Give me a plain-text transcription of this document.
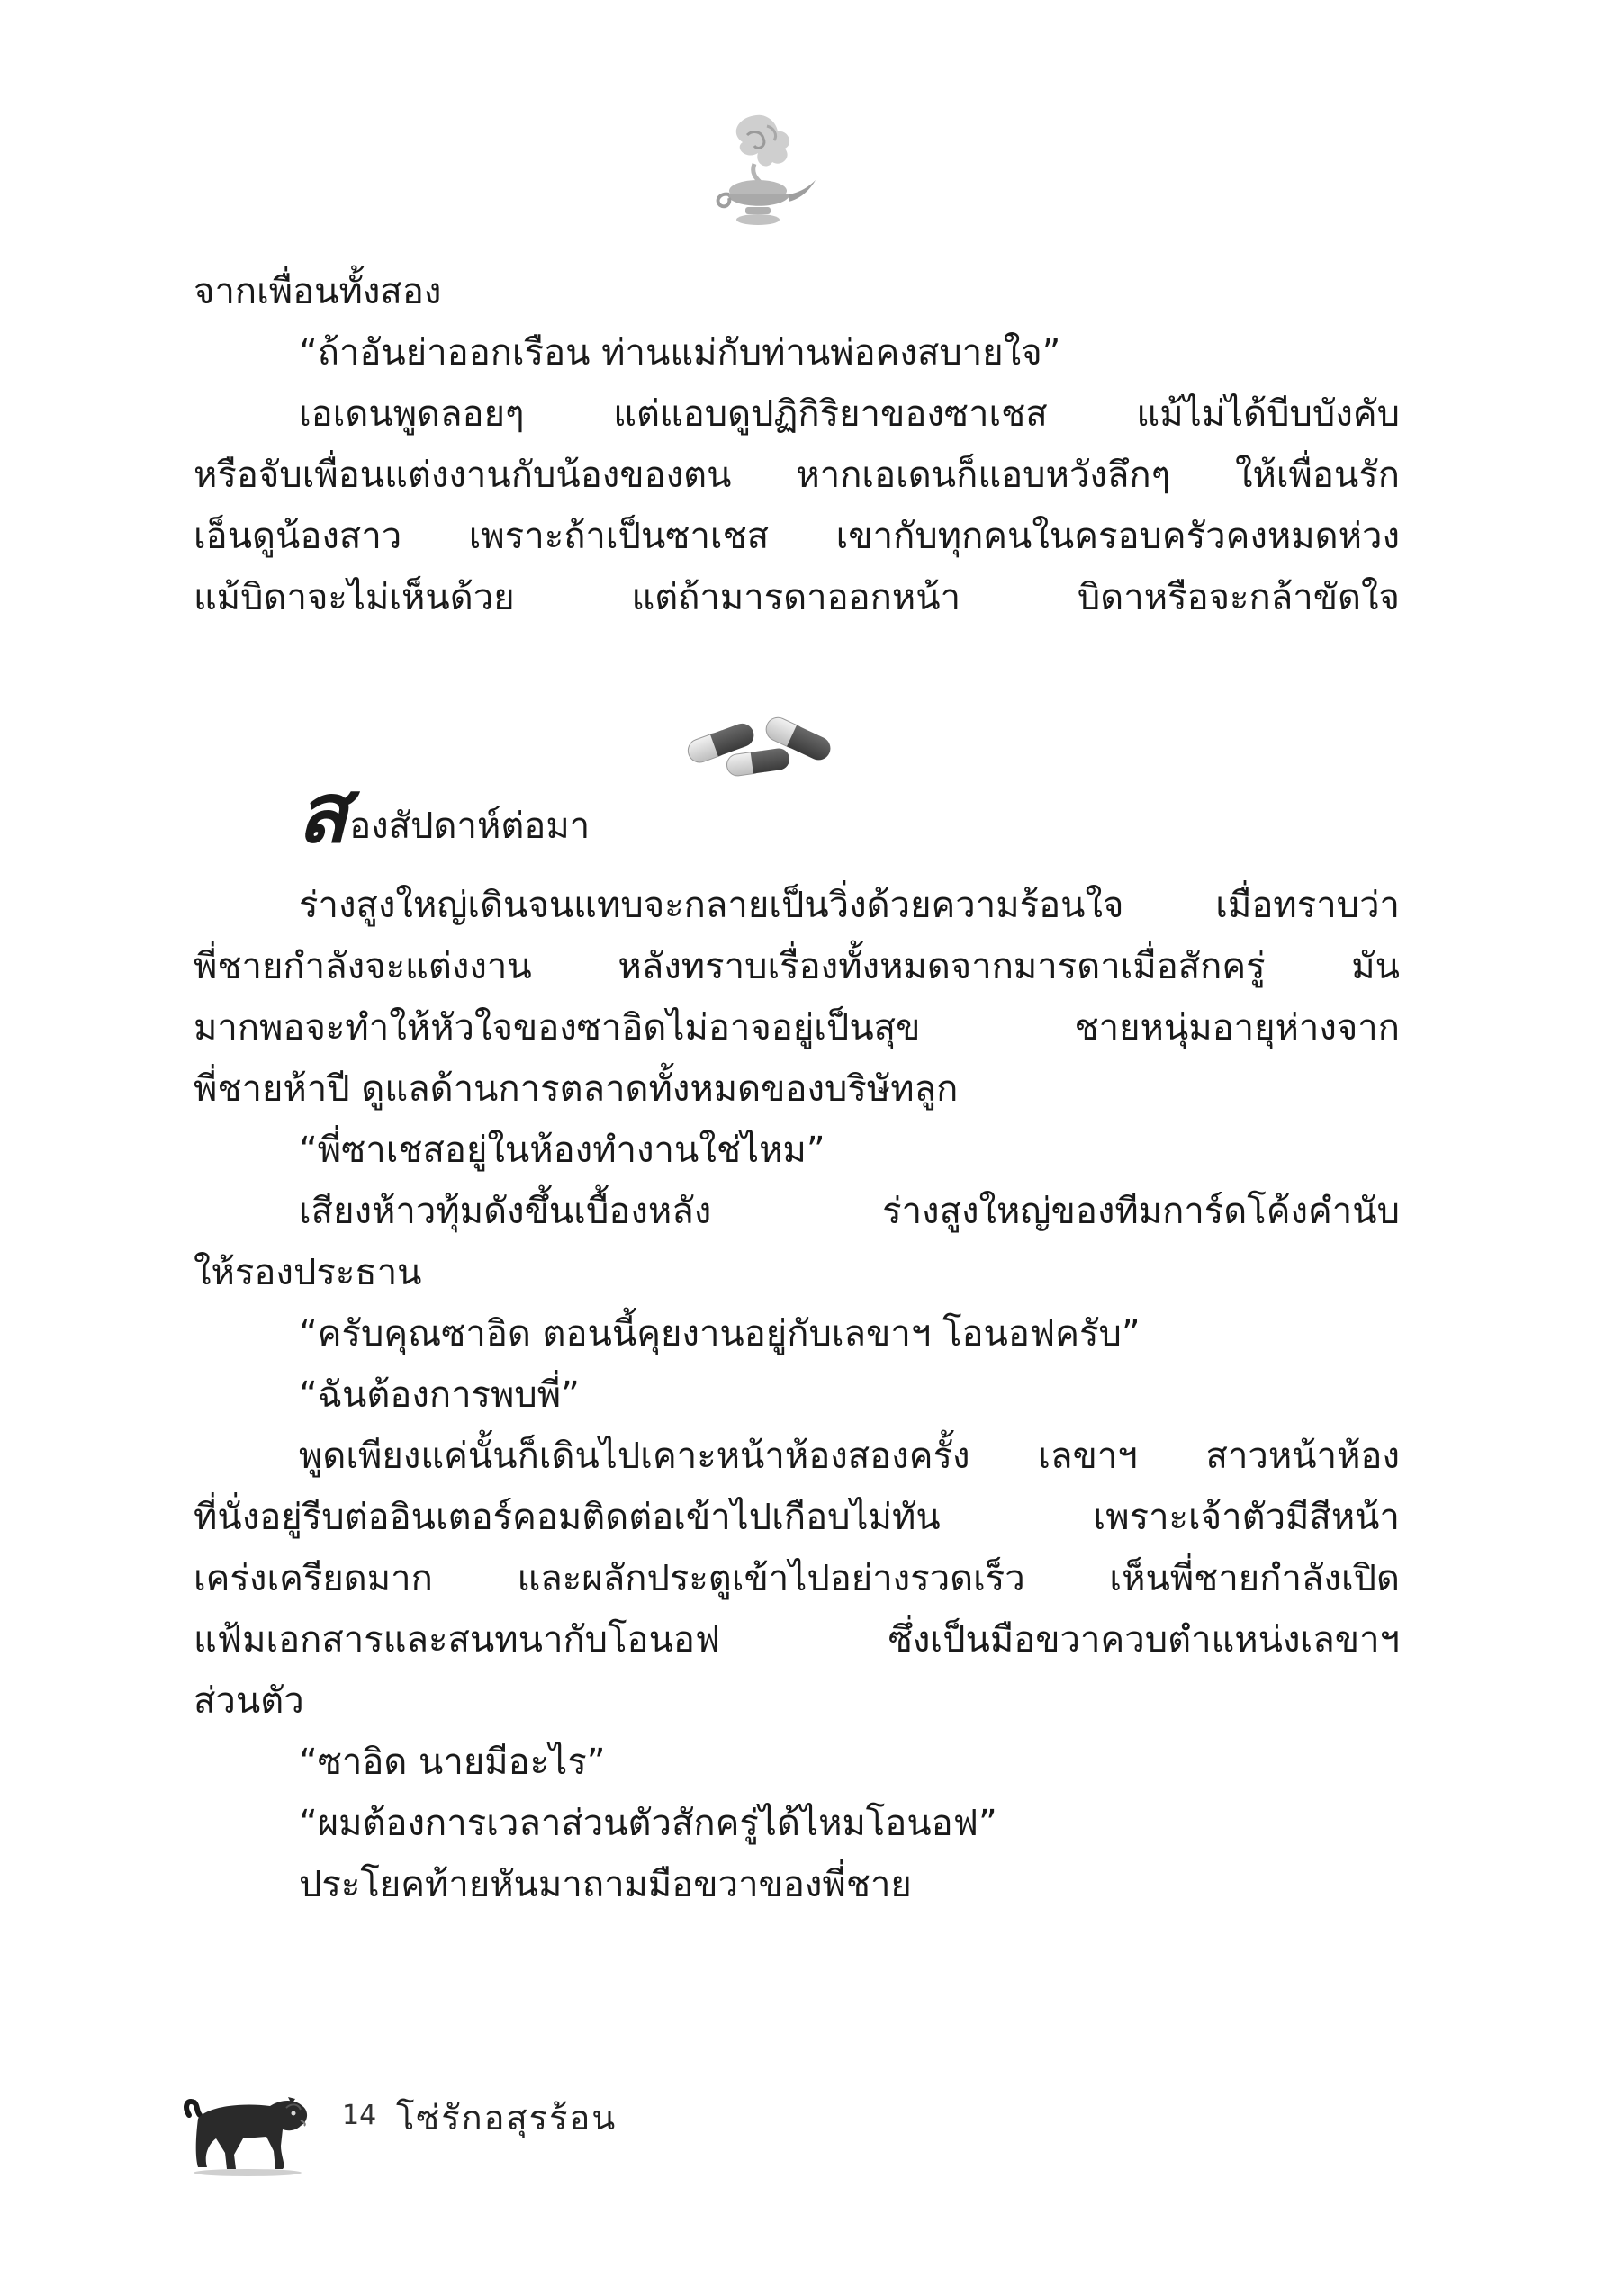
จากเพื่อนทั้งสอง
“ถ้าอันย่าออกเรือน ท่านแม่กับท่านพ่อคงสบายใจ”
เอเดนพูดลอยๆ แต่แอบดูปฏิกิริยาของซาเชส แม้ไม่ได้บีบบังคับ
หรือจับเพื่อนแต่งงานกับน้องของตน หากเอเดนก็แอบหวังลึกๆ ให้เพื่อนรัก
เอ็นดูน้องสาว เพราะถ้าเป็นซาเชส เขากับทุกคนในครอบครัวคงหมดห่วง
แม้บิดาจะไม่เห็นด้วย แต่ถ้ามารดาออกหน้า บิดาหรือจะกล้าขัดใจ
สองสัปดาห์ต่อมา
ร่างสูงใหญ่เดินจนแทบจะกลายเป็นวิ่งด้วยความร้อนใจ เมื่อทราบว่า
พี่ชายกำลังจะแต่งงาน หลังทราบเรื่องทั้งหมดจากมารดาเมื่อสักครู่ มัน
มากพอจะทำให้หัวใจของซาอิดไม่อาจอยู่เป็นสุข ชายหนุ่มอายุห่างจาก
พี่ชายห้าปี ดูแลด้านการตลาดทั้งหมดของบริษัทลูก
“พี่ซาเชสอยู่ในห้องทำงานใช่ไหม”
เสียงห้าวทุ้มดังขึ้นเบื้องหลัง ร่างสูงใหญ่ของทีมการ์ดโค้งคำนับ
ให้รองประธาน
“ครับคุณซาอิด ตอนนี้คุยงานอยู่กับเลขาฯ โอนอฟครับ”
“ฉันต้องการพบพี่”
พูดเพียงแค่นั้นก็เดินไปเคาะหน้าห้องสองครั้ง เลขาฯ สาวหน้าห้อง
ที่นั่งอยู่รีบต่ออินเตอร์คอมติดต่อเข้าไปเกือบไม่ทัน เพราะเจ้าตัวมีสีหน้า
เคร่งเครียดมาก และผลักประตูเข้าไปอย่างรวดเร็ว เห็นพี่ชายกำลังเปิด
แฟ้มเอกสารและสนทนากับโอนอฟ ซึ่งเป็นมือขวาควบตำแหน่งเลขาฯ
ส่วนตัว
“ซาอิด นายมีอะไร”
“ผมต้องการเวลาส่วนตัวสักครู่ได้ไหมโอนอฟ”
ประโยคท้ายหันมาถามมือขวาของพี่ชาย
14 โซ่รักอสุรร้อน
